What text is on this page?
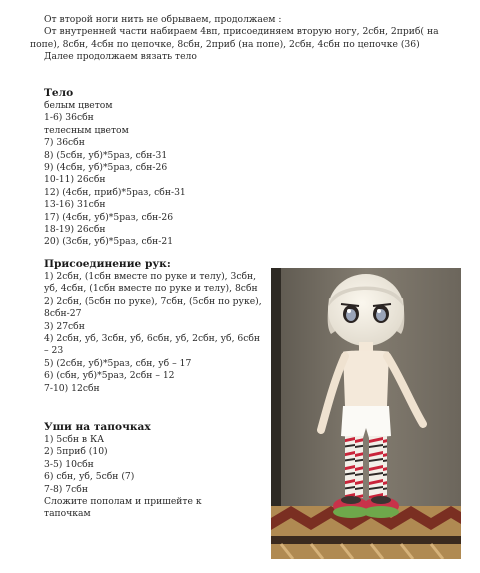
От второй ноги нить не обрываем, продолжаем :
От внутренней части набираем 4вп, присоединяем вторую ногу, 2сбн, 2приб( на попе), 8сбн, 4сбн по цепочке, 8сбн, 2приб (на попе), 2сбн, 4сбн по цепочке (36)
Далее продолжаем вязать тело
Тело
белым цветом
1-6) 36сбн
телесным цветом
7) 36сбн
8) (5сбн, уб)*5раз, сбн-31
9) (4сбн, уб)*5раз, сбн-26
10-11) 26сбн
12) (4сбн, приб)*5раз, сбн-31
13-16) 31сбн
17) (4сбн, уб)*5раз, сбн-26
18-19) 26сбн
20) (3сбн, уб)*5раз, сбн-21
Присоединение рук:
1) 2сбн, (1сбн вместе по руке и телу), 3сбн, уб, 4сбн, (1сбн вместе по руке и телу), 8сбн
2) 2сбн, (5сбн по руке), 7сбн, (5сбн по руке), 8сбн-27
3) 27сбн
4) 2сбн, уб, 3сбн, уб, 6сбн, уб, 2сбн, уб, 6сбн – 23
5) (2сбн, уб)*5раз, сбн, уб – 17
6) (сбн, уб)*5раз, 2сбн – 12
7-10) 12сбн
Уши на тапочках
1) 5сбн в КА
2) 5приб (10)
3-5) 10сбн
6) сбн, уб, 5сбн (7)
7-8) 7сбн
Сложите пополам и пришейте к тапочкам
